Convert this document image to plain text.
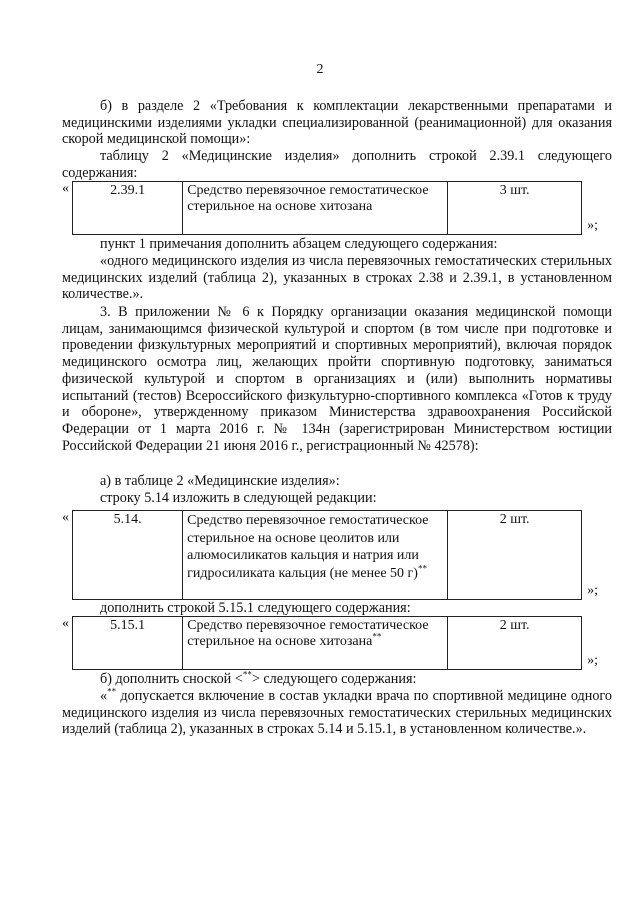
2

б) в разделе 2 «Требования к комплектации лекарственными препаратами и медицинскими изделиями укладки специализированной (реанимационной) для оказания скорой медицинской помощи»:

таблицу 2 «Медицинские изделия» дополнить строкой 2.39.1 следующего содержания:

«	2.39.1	Средство перевязочное гемостатическое стерильное на основе хитозана	3 шт.
»;

пункт 1 примечания дополнить абзацем следующего содержания:

«одного медицинского изделия из числа перевязочных гемостатических стерильных медицинских изделий (таблица 2), указанных в строках 2.38 и 2.39.1, в установленном количестве.».

3. В приложении № 6 к Порядку организации оказания медицинской помощи лицам, занимающимся физической культурой и спортом (в том числе при подготовке и проведении физкультурных мероприятий и спортивных мероприятий), включая порядок медицинского осмотра лиц, желающих пройти спортивную подготовку, заниматься физической культурой и спортом в организациях и (или) выполнить нормативы испытаний (тестов) Всероссийского физкультурно-спортивного комплекса «Готов к труду и обороне», утвержденному приказом Министерства здравоохранения Российской Федерации от 1 марта 2016 г. № 134н (зарегистрирован Министерством юстиции Российской Федерации 21 июня 2016 г., регистрационный № 42578):

а) в таблице 2 «Медицинские изделия»:

строку 5.14 изложить в следующей редакции:

«	5.14.	Средство перевязочное гемостатическое стерильное на основе цеолитов или алюмосиликатов кальция и натрия или гидросиликата кальция (не менее 50 г)**	2 шт.
»;

дополнить строкой 5.15.1 следующего содержания:

«	5.15.1	Средство перевязочное гемостатическое стерильное на основе хитозана**	2 шт.
»;

б) дополнить сноской <**> следующего содержания:

«** допускается включение в состав укладки врача по спортивной медицине одного медицинского изделия из числа перевязочных гемостатических стерильных медицинских изделий (таблица 2), указанных в строках 5.14 и 5.15.1, в установленном количестве.».
